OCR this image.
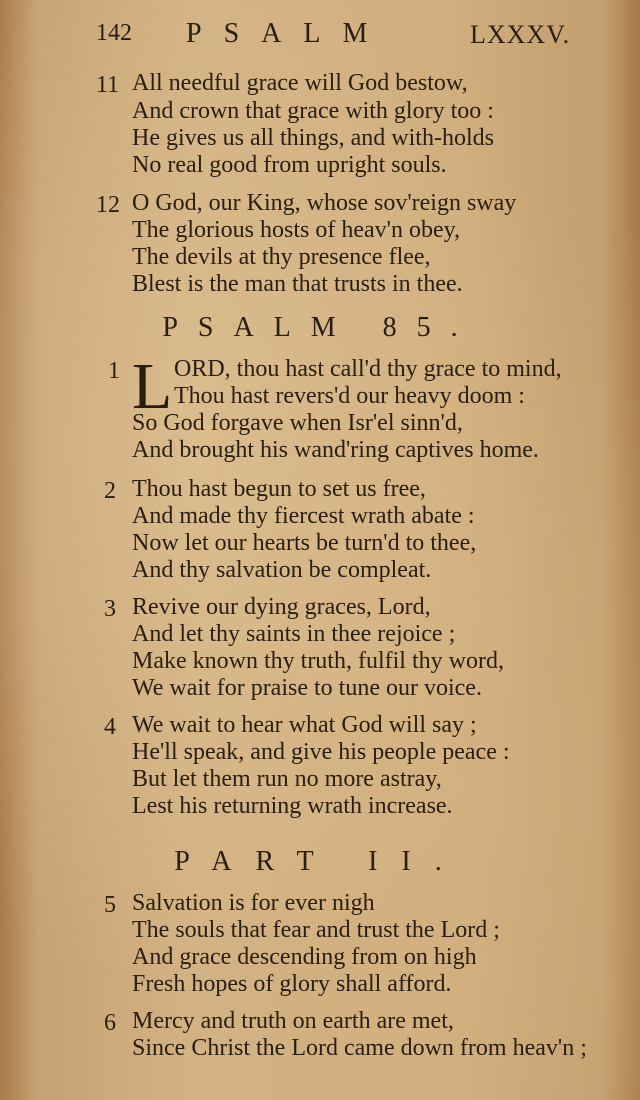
142 PSALM	LXXXV.
11 All needful grace will God bestow,
And crown that grace with glory too :
He gives us all things, and with-holds
No real good from upright souls.
12 O God, our King, whose sov'reign sway
The glorious hosts of heav'n obey,
The devils at thy presence flee,
Blest is the man that trusts in thee.
PSALM 85.
1 L ORD, thou hast call'd thy grace to mind,
Thou hast revers'd our heavy doom :
So God forgave when Isr'el sinn'd,
And brought his wand'ring captives home.
2 Thou hast begun to set us free,
And made thy fiercest wrath abate :
Now let our hearts be turn'd to thee,
And thy salvation be compleat.
3 Revive our dying graces, Lord,
And let thy saints in thee rejoice ;
Make known thy truth, fulfil thy word,
We wait for praise to tune our voice.
4 We wait to hear what God will say ;
He'll speak, and give his people peace :
But let them run no more astray,
Lest his returning wrath increase.
PART II.
5 Salvation is for ever nigh
The souls that fear and trust the Lord ;
And grace descending from on high
Fresh hopes of glory shall afford.
6 Mercy and truth on earth are met,
Since Christ the Lord came down from heav'n ;
